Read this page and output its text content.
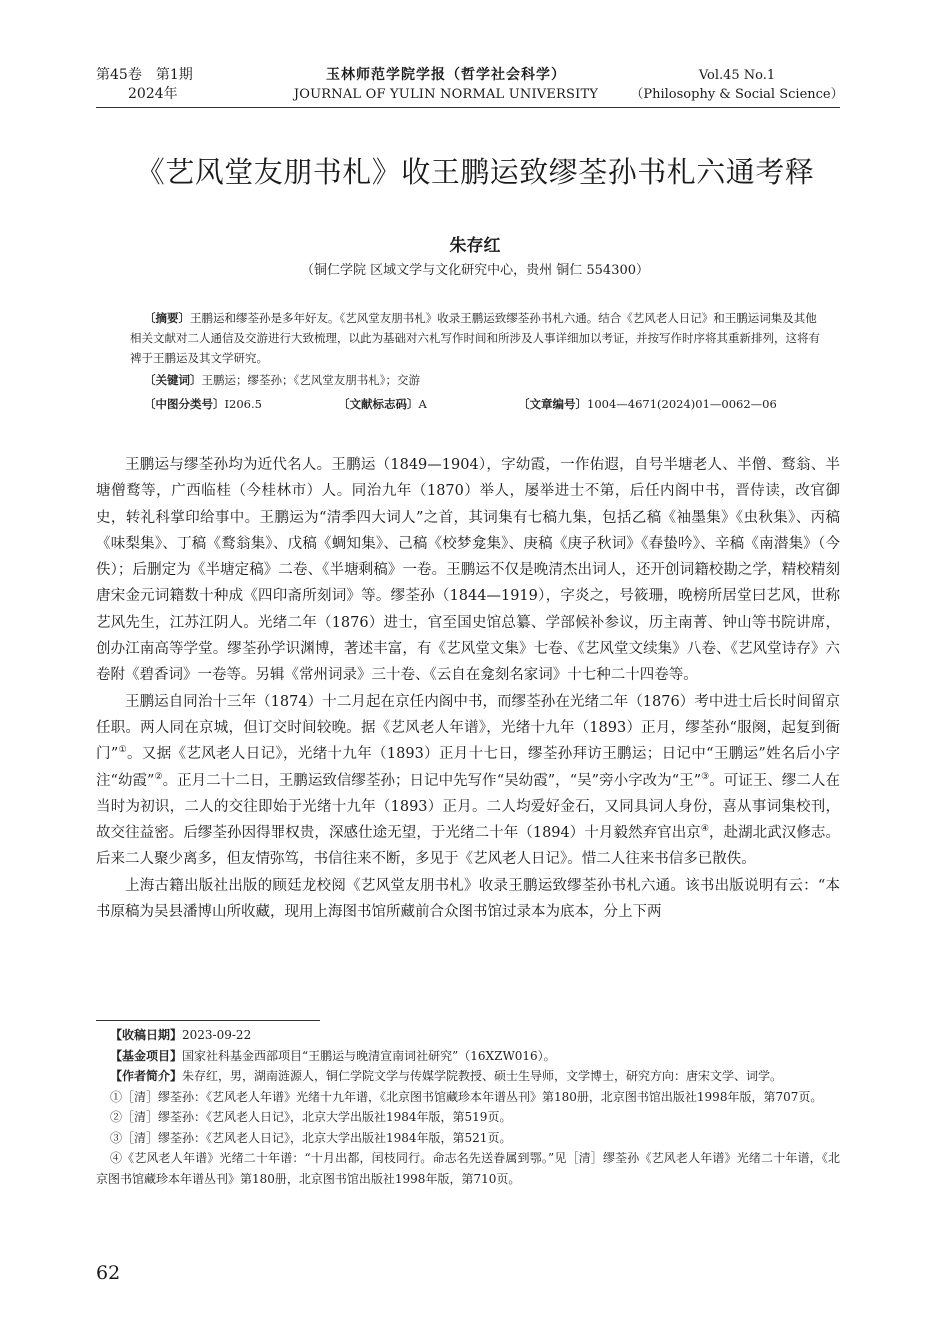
第45卷　第1期
2024年
玉林师范学院学报（哲学社会科学）
JOURNAL OF YULIN NORMAL UNIVERSITY
Vol.45 No.1
（Philosophy & Social Science）
《艺风堂友朋书札》收王鹏运致缪荃孙书札六通考释
朱存红
（铜仁学院 区域文学与文化研究中心，贵州 铜仁 554300）

〔摘要〕王鹏运和缪荃孙是多年好友。《艺风堂友朋书札》收录王鹏运致缪荃孙书札六通。结合《艺风老人日记》和王鹏运词集及其他相关文献对二人通信及交游进行大致梳理，以此为基础对六札写作时间和所涉及人事详细加以考证，并按写作时序将其重新排列，这将有裨于王鹏运及其文学研究。

〔关键词〕王鹏运；缪荃孙；《艺风堂友朋书札》；交游

〔中图分类号〕I206.5	〔文献标志码〕A	〔文章编号〕1004—4671(2024)01—0062—06

王鹏运与缪荃孙均为近代名人。王鹏运（1849—1904），字幼霞，一作佑遐，自号半塘老人、半僧、鹜翁、半塘僧鹜等，广西临桂（今桂林市）人。同治九年（1870）举人，屡举进士不第，后任内阁中书，晋侍读，改官御史，转礼科掌印给事中。王鹏运为“清季四大词人”之首，其词集有七稿九集，包括乙稿《袖墨集》《虫秋集》、丙稿《味梨集》、丁稿《鹜翁集》、戊稿《蜩知集》、己稿《校梦龛集》、庚稿《庚子秋词》《春蛰吟》、辛稿《南潜集》（今佚）；后删定为《半塘定稿》二卷、《半塘剩稿》一卷。王鹏运不仅是晚清杰出词人，还开创词籍校勘之学，精校精刻唐宋金元词籍数十种成《四印斋所刻词》等。缪荃孙（1844—1919），字炎之，号筱珊，晚榜所居堂曰艺风，世称艺风先生，江苏江阴人。光绪二年（1876）进士，官至国史馆总纂、学部候补参议，历主南菁、钟山等书院讲席，创办江南高等学堂。缪荃孙学识渊博，著述丰富，有《艺风堂文集》七卷、《艺风堂文续集》八卷、《艺风堂诗存》六卷附《碧香词》一卷等。另辑《常州词录》三十卷、《云自在龛刻名家词》十七种二十四卷等。

王鹏运自同治十三年（1874）十二月起在京任内阁中书，而缪荃孙在光绪二年（1876）考中进士后长时间留京任职。两人同在京城，但订交时间较晚。据《艺风老人年谱》，光绪十九年（1893）正月，缪荃孙“服阕，起复到衙门”①。又据《艺风老人日记》，光绪十九年（1893）正月十七日，缪荃孙拜访王鹏运；日记中“王鹏运”姓名后小字注“幼霞”②。正月二十二日，王鹏运致信缪荃孙；日记中先写作“吴幼霞”，“吴”旁小字改为“王”③。可证王、缪二人在当时为初识，二人的交往即始于光绪十九年（1893）正月。二人均爱好金石，又同具词人身份，喜从事词集校刊，故交往益密。后缪荃孙因得罪权贵，深感仕途无望，于光绪二十年（1894）十月毅然弃官出京④，赴湖北武汉修志。后来二人聚少离多，但友情弥笃，书信往来不断，多见于《艺风老人日记》。惜二人往来书信多已散佚。

上海古籍出版社出版的顾廷龙校阅《艺风堂友朋书札》收录王鹏运致缪荃孙书札六通。该书出版说明有云：“本书原稿为吴县潘博山所收藏，现用上海图书馆所藏前合众图书馆过录本为底本，分上下两

【收稿日期】2023-09-22

【基金项目】国家社科基金西部项目“王鹏运与晚清宣南词社研究”（16XZW016）。

【作者简介】朱存红，男，湖南涟源人，铜仁学院文学与传媒学院教授、硕士生导师，文学博士，研究方向：唐宋文学、词学。

①［清］缪荃孙：《艺风老人年谱》光绪十九年谱，《北京图书馆藏珍本年谱丛刊》第180册，北京图书馆出版社1998年版，第707页。

②［清］缪荃孙：《艺风老人日记》，北京大学出版社1984年版，第519页。

③［清］缪荃孙：《艺风老人日记》，北京大学出版社1984年版，第521页。

④《艺风老人年谱》光绪二十年谱：“十月出都，闰枝同行。命志名先送眷属到鄂。”见［清］缪荃孙《艺风老人年谱》光绪二十年谱，《北京图书馆藏珍本年谱丛刊》第180册，北京图书馆出版社1998年版，第710页。

62
